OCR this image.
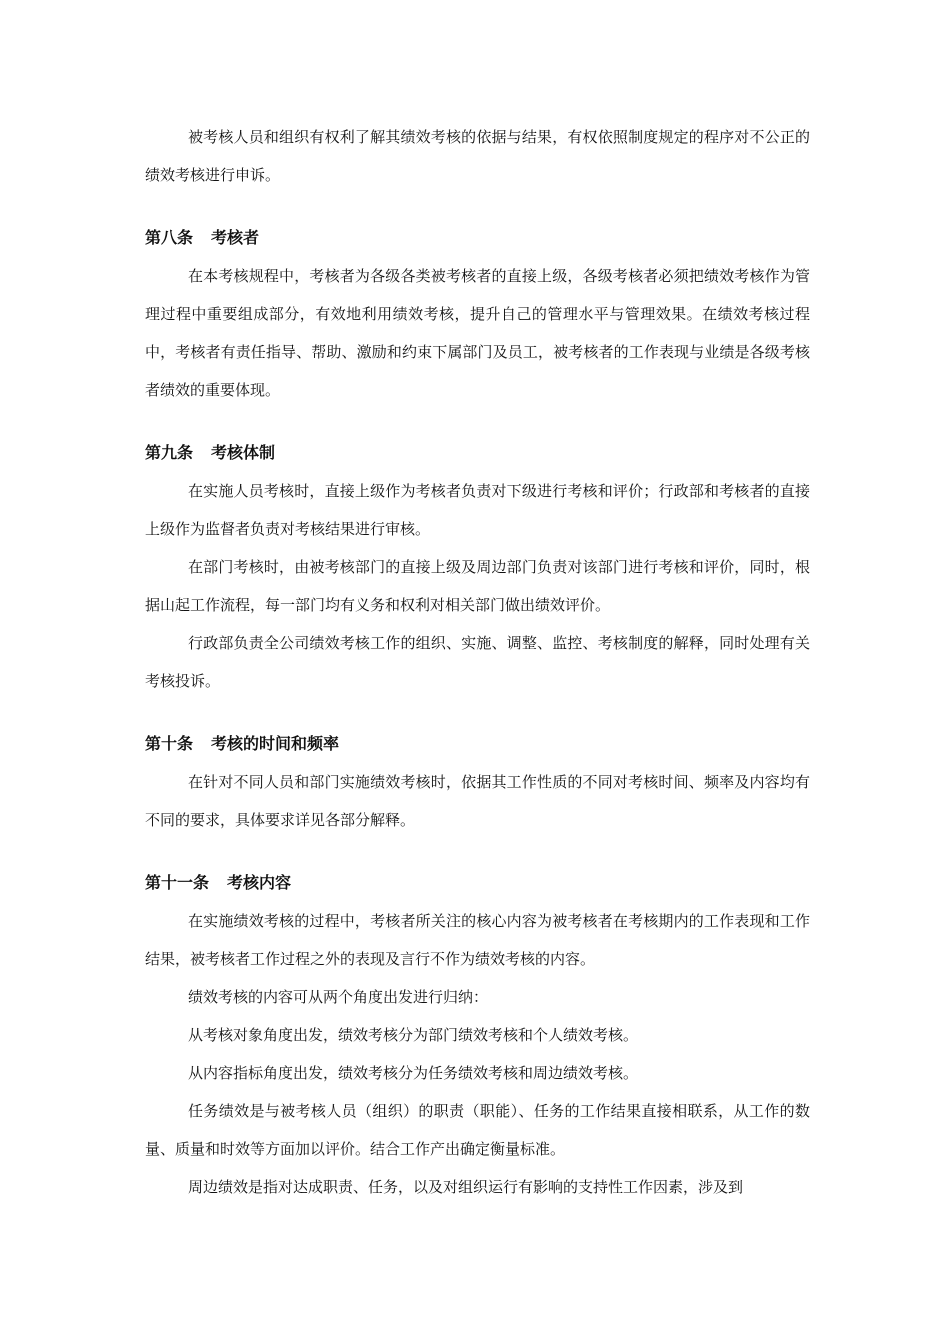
被考核人员和组织有权利了解其绩效考核的依据与结果，有权依照制度规定的程序对不公正的绩效考核进行申诉。

第八条 考核者

在本考核规程中，考核者为各级各类被考核者的直接上级，各级考核者必须把绩效考核作为管理过程中重要组成部分，有效地利用绩效考核，提升自己的管理水平与管理效果。在绩效考核过程中，考核者有责任指导、帮助、激励和约束下属部门及员工，被考核者的工作表现与业绩是各级考核者绩效的重要体现。

第九条 考核体制

在实施人员考核时，直接上级作为考核者负责对下级进行考核和评价；行政部和考核者的直接上级作为监督者负责对考核结果进行审核。

在部门考核时，由被考核部门的直接上级及周边部门负责对该部门进行考核和评价，同时，根据山起工作流程，每一部门均有义务和权利对相关部门做出绩效评价。

行政部负责全公司绩效考核工作的组织、实施、调整、监控、考核制度的解释，同时处理有关考核投诉。

第十条 考核的时间和频率

在针对不同人员和部门实施绩效考核时，依据其工作性质的不同对考核时间、频率及内容均有不同的要求，具体要求详见各部分解释。

第十一条 考核内容

在实施绩效考核的过程中，考核者所关注的核心内容为被考核者在考核期内的工作表现和工作结果，被考核者工作过程之外的表现及言行不作为绩效考核的内容。

绩效考核的内容可从两个角度出发进行归纳：

从考核对象角度出发，绩效考核分为部门绩效考核和个人绩效考核。

从内容指标角度出发，绩效考核分为任务绩效考核和周边绩效考核。

任务绩效是与被考核人员（组织）的职责（职能）、任务的工作结果直接相联系，从工作的数量、质量和时效等方面加以评价。结合工作产出确定衡量标准。

周边绩效是指对达成职责、任务，以及对组织运行有影响的支持性工作因素，涉及到
